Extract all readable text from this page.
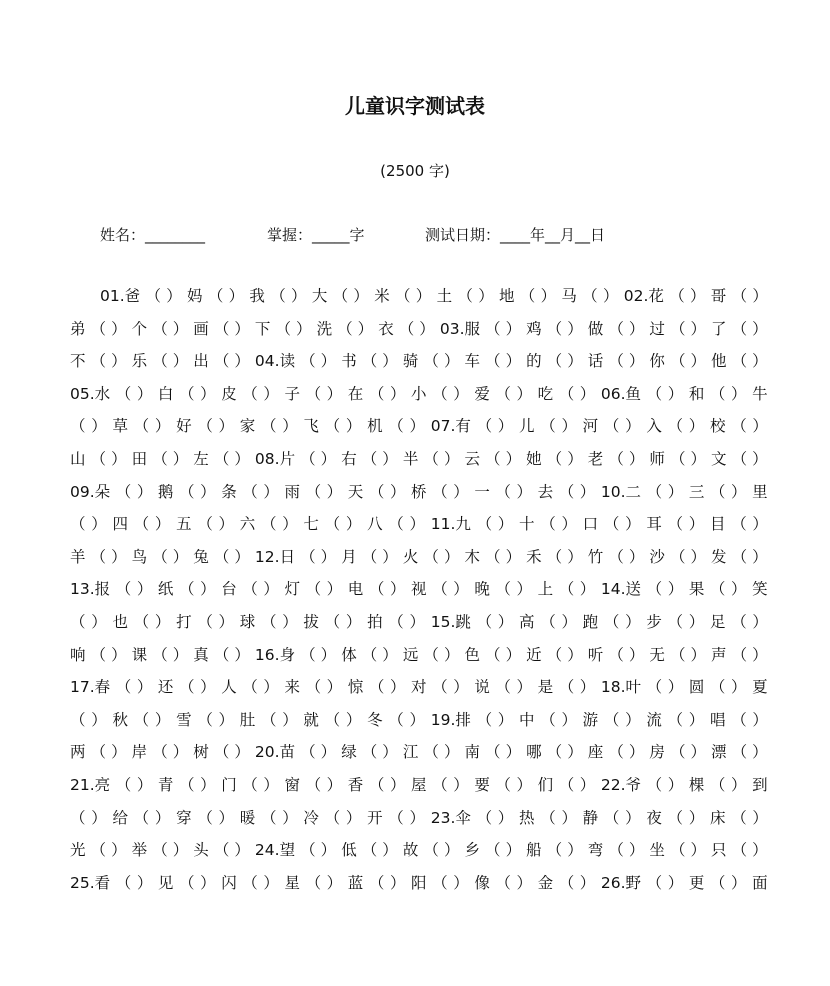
儿童识字测试表
(2500 字)
姓名：________	掌握：_____字	测试日期：____年__月__日
01.爸 （ ） 妈 （ ） 我 （ ） 大 （ ） 米 （ ） 土 （ ） 地 （ ） 马 （ ） 02.花 （ ） 哥 （ ）
弟 （ ） 个 （ ） 画 （ ） 下 （ ） 洗 （ ） 衣 （ ） 03.服 （ ） 鸡 （ ） 做 （ ） 过 （ ） 了 （ ）
不 （ ） 乐 （ ） 出 （ ） 04.读 （ ） 书 （ ） 骑 （ ） 车 （ ） 的 （ ） 话 （ ） 你 （ ） 他 （ ）
05.水 （ ） 白 （ ） 皮 （ ） 子 （ ） 在 （ ） 小 （ ） 爱 （ ） 吃 （ ） 06.鱼 （ ） 和 （ ） 牛
（ ） 草 （ ） 好 （ ） 家 （ ） 飞 （ ） 机 （ ） 07.有 （ ） 儿 （ ） 河 （ ） 入 （ ） 校 （ ）
山 （ ） 田 （ ） 左 （ ） 08.片 （ ） 右 （ ） 半 （ ） 云 （ ） 她 （ ） 老 （ ） 师 （ ） 文 （ ）
09.朵 （ ） 鹅 （ ） 条 （ ） 雨 （ ） 天 （ ） 桥 （ ） 一 （ ） 去 （ ） 10.二 （ ） 三 （ ） 里
（ ） 四 （ ） 五 （ ） 六 （ ） 七 （ ） 八 （ ） 11.九 （ ） 十 （ ） 口 （ ） 耳 （ ） 目 （ ）
羊 （ ） 鸟 （ ） 兔 （ ） 12.日 （ ） 月 （ ） 火 （ ） 木 （ ） 禾 （ ） 竹 （ ） 沙 （ ） 发 （ ）
13.报 （ ） 纸 （ ） 台 （ ） 灯 （ ） 电 （ ） 视 （ ） 晚 （ ） 上 （ ） 14.送 （ ） 果 （ ） 笑
（ ） 也 （ ） 打 （ ） 球 （ ） 拔 （ ） 拍 （ ） 15.跳 （ ） 高 （ ） 跑 （ ） 步 （ ） 足 （ ）
响 （ ） 课 （ ） 真 （ ） 16.身 （ ） 体 （ ） 远 （ ） 色 （ ） 近 （ ） 听 （ ） 无 （ ） 声 （ ）
17.春 （ ） 还 （ ） 人 （ ） 来 （ ） 惊 （ ） 对 （ ） 说 （ ） 是 （ ） 18.叶 （ ） 圆 （ ） 夏
（ ） 秋 （ ） 雪 （ ） 肚 （ ） 就 （ ） 冬 （ ） 19.排 （ ） 中 （ ） 游 （ ） 流 （ ） 唱 （ ）
两 （ ） 岸 （ ） 树 （ ） 20.苗 （ ） 绿 （ ） 江 （ ） 南 （ ） 哪 （ ） 座 （ ） 房 （ ） 漂 （ ）
21.亮 （ ） 青 （ ） 门 （ ） 窗 （ ） 香 （ ） 屋 （ ） 要 （ ） 们 （ ） 22.爷 （ ） 棵 （ ） 到
（ ） 给 （ ） 穿 （ ） 暖 （ ） 冷 （ ） 开 （ ） 23.伞 （ ） 热 （ ） 静 （ ） 夜 （ ） 床 （ ）
光 （ ） 举 （ ） 头 （ ） 24.望 （ ） 低 （ ） 故 （ ） 乡 （ ） 船 （ ） 弯 （ ） 坐 （ ） 只 （ ）
25.看 （ ） 见 （ ） 闪 （ ） 星 （ ） 蓝 （ ） 阳 （ ） 像 （ ） 金 （ ） 26.野 （ ） 更 （ ） 面
